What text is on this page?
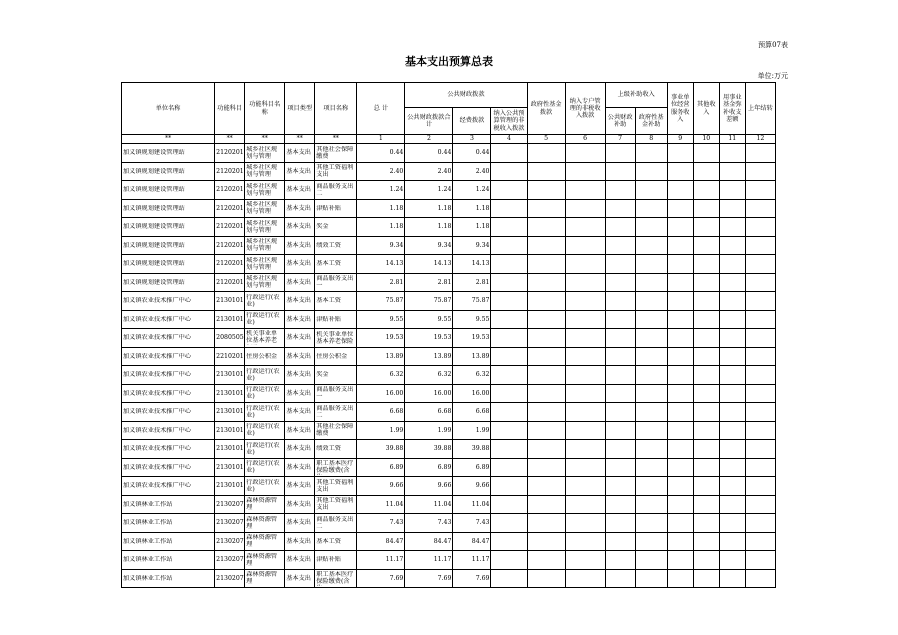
预算07表
基本支出预算总表
单位:万元
单位名称	功能科目	功能科目名称	项目类型	项目名称	总 计	公共财政拨款			政府性基金拨款	纳入专户管理的非税收入拨款	上级补助收入		事业单位经营服务收入	其他收入	用事业基金弥补收支差额	上年结转
						公共财政拨款合计	经费拨款	纳入公共预算管理的非税收入拨款			公共财政补助	政府性基金补助				
**	**	**	**	**	1	2	3	4	5	6	7	8	9	10	11	12

加义镇规划建设管理站	2120201	城乡社区规划与管理	基本支出	其他社会保障缴费	0.44	0.44	0.44									

加义镇规划建设管理站	2120201	城乡社区规划与管理	基本支出	其他工资福利支出	2.40	2.40	2.40									

加义镇规划建设管理站	2120201	城乡社区规划与管理	基本支出	商品服务支出二	1.24	1.24	1.24									

加义镇规划建设管理站	2120201	城乡社区规划与管理	基本支出	津贴补贴	1.18	1.18	1.18									

加义镇规划建设管理站	2120201	城乡社区规划与管理	基本支出	奖金	1.18	1.18	1.18									

加义镇规划建设管理站	2120201	城乡社区规划与管理	基本支出	绩效工资	9.34	9.34	9.34									

加义镇规划建设管理站	2120201	城乡社区规划与管理	基本支出	基本工资	14.13	14.13	14.13									

加义镇规划建设管理站	2120201	城乡社区规划与管理	基本支出	商品服务支出一	2.81	2.81	2.81									

加义镇农业技术推广中心	2130101	行政运行(农业)	基本支出	基本工资	75.87	75.87	75.87									

加义镇农业技术推广中心	2130101	行政运行(农业)	基本支出	津贴补贴	9.55	9.55	9.55									

加义镇农业技术推广中心	2080505	机关事业单位基本养老	基本支出	机关事业单位基本养老保险	19.53	19.53	19.53									

加义镇农业技术推广中心	2210201	住房公积金	基本支出	住房公积金	13.89	13.89	13.89									

加义镇农业技术推广中心	2130101	行政运行(农业)	基本支出	奖金	6.32	6.32	6.32									

加义镇农业技术推广中心	2130101	行政运行(农业)	基本支出	商品服务支出一	16.00	16.00	16.00									

加义镇农业技术推广中心	2130101	行政运行(农业)	基本支出	商品服务支出二	6.68	6.68	6.68									

加义镇农业技术推广中心	2130101	行政运行(农业)	基本支出	其他社会保障缴费	1.99	1.99	1.99									

加义镇农业技术推广中心	2130101	行政运行(农业)	基本支出	绩效工资	39.88	39.88	39.88									

加义镇农业技术推广中心	2130101	行政运行(农业)	基本支出	职工基本医疗保险缴费(含	6.89	6.89	6.89									

加义镇农业技术推广中心	2130101	行政运行(农业)	基本支出	其他工资福利支出	9.66	9.66	9.66									

加义镇林业工作站	2130207	森林资源管理	基本支出	其他工资福利支出	11.04	11.04	11.04									

加义镇林业工作站	2130207	森林资源管理	基本支出	商品服务支出二	7.43	7.43	7.43									

加义镇林业工作站	2130207	森林资源管理	基本支出	基本工资	84.47	84.47	84.47									

加义镇林业工作站	2130207	森林资源管理	基本支出	津贴补贴	11.17	11.17	11.17									

加义镇林业工作站	2130207	森林资源管理	基本支出	职工基本医疗保险缴费(含	7.69	7.69	7.69									
